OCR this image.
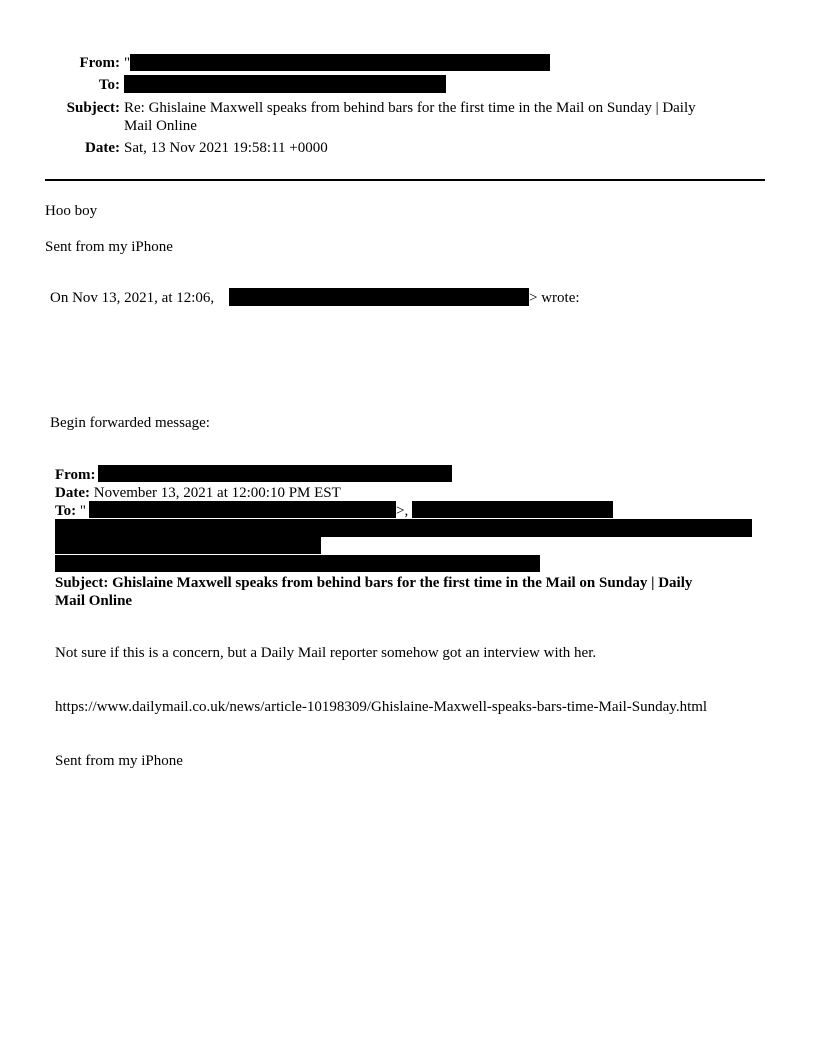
From: "
To:
Subject: Re: Ghislaine Maxwell speaks from behind bars for the first time in the Mail on Sunday | Daily
Mail Online
Date: Sat, 13 Nov 2021 19:58:11 +0000
Hoo boy
Sent from my iPhone
On Nov 13, 2021, at 12:06,	> wrote:
Begin forwarded message:
From:
Date: November 13, 2021 at 12:00:10 PM EST
To: "	>,
Subject: Ghislaine Maxwell speaks from behind bars for the first time in the Mail on Sunday | Daily
Mail Online
Not sure if this is a concern, but a Daily Mail reporter somehow got an interview with her.
https://www.dailymail.co.uk/news/article-10198309/Ghislaine-Maxwell-speaks-bars-time-Mail-Sunday.html
Sent from my iPhone
